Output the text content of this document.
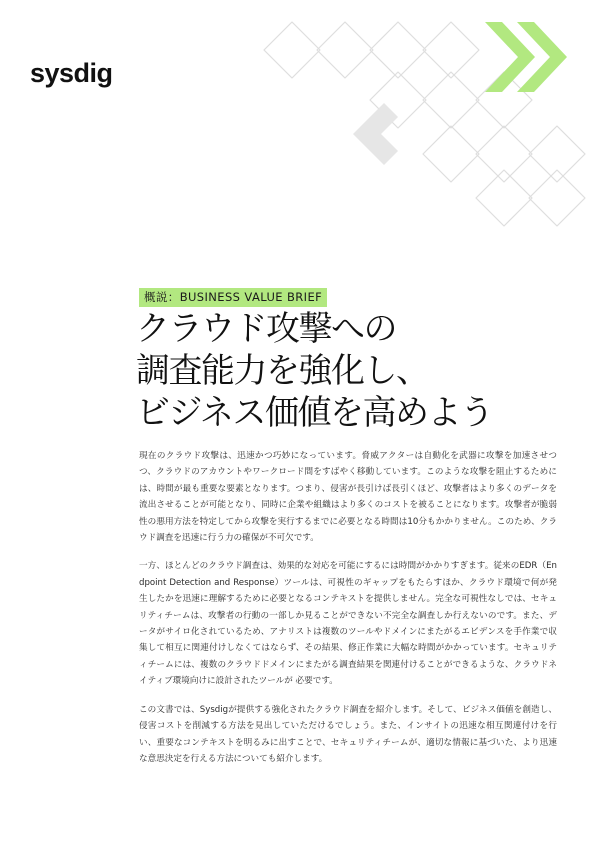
sysdig
概説：BUSINESS VALUE BRIEF
クラウド攻撃への
調査能力を強化し、
ビジネス価値を高めよう

現在のクラウド攻撃は、迅速かつ巧妙になっています。脅威アクターは自動化を武器に攻撃を加速させつつ、クラウドのアカウントやワークロード間をすばやく移動しています。このような攻撃を阻止するためには、時間が最も重要な要素となります。つまり、侵害が長引けば長引くほど、攻撃者はより多くのデータを流出させることが可能となり、同時に企業や組織はより多くのコストを被ることになります。攻撃者が脆弱性の悪用方法を特定してから攻撃を実行するまでに必要となる時間は10分もかかりません。このため、クラウド調査を迅速に行う力の確保が不可欠です。

一方、ほとんどのクラウド調査は、効果的な対応を可能にするには時間がかかりすぎます。従来のEDR（Endpoint Detection and Response）ツールは、可視性のギャップをもたらすほか、クラウド環境で何が発生したかを迅速に理解するために必要となるコンテキストを提供しません。完全な可視性なしでは、セキュリティチームは、攻撃者の行動の一部しか見ることができない不完全な調査しか行えないのです。また、データがサイロ化されているため、アナリストは複数のツールやドメインにまたがるエビデンスを手作業で収集して相互に関連付けしなくてはならず、その結果、修正作業に大幅な時間がかかっています。セキュリティチームには、複数のクラウドドメインにまたがる調査結果を関連付けることができるような、クラウドネイティブ環境向けに設計されたツールが 必要です。

この文書では、Sysdigが提供する強化されたクラウド調査を紹介します。そして、ビジネス価値を創造し、侵害コストを削減する方法を見出していただけるでしょう。また、インサイトの迅速な相互関連付けを行い、重要なコンテキストを明るみに出すことで、セキュリティチームが、適切な情報に基づいた、より迅速な意思決定を行える方法についても紹介します。
